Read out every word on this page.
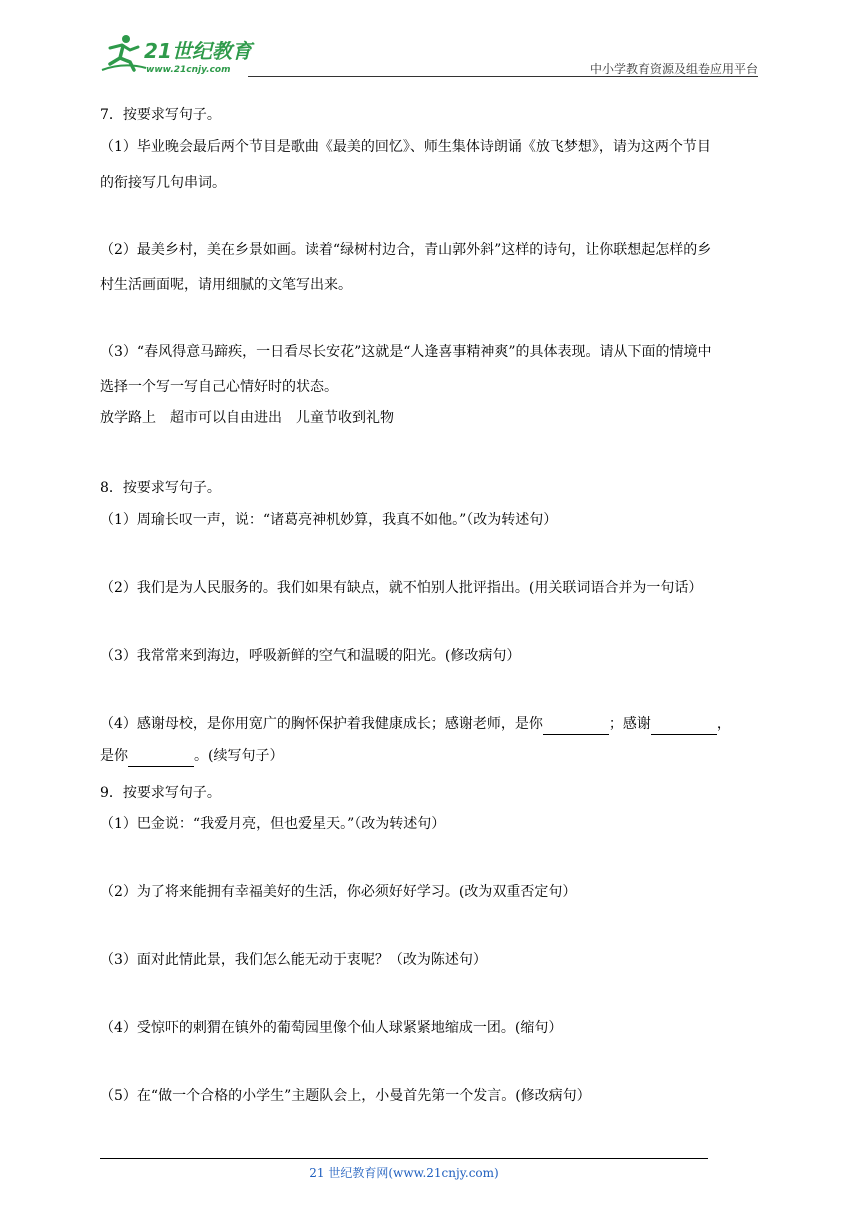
21世纪教育
www.21cnjy.com	中小学教育资源及组卷应用平台
7．按要求写句子。
（1）毕业晚会最后两个节目是歌曲《最美的回忆》、师生集体诗朗诵《放飞梦想》，请为这两个节目
的衔接写几句串词。
（2）最美乡村，美在乡景如画。读着“绿树村边合，青山郭外斜”这样的诗句，让你联想起怎样的乡
村生活画面呢，请用细腻的文笔写出来。
（3）“春风得意马蹄疾，一日看尽长安花”这就是“人逢喜事精神爽”的具体表现。请从下面的情境中
选择一个写一写自己心情好时的状态。
放学路上　超市可以自由进出　儿童节收到礼物
8．按要求写句子。
（1）周瑜长叹一声，说：“诸葛亮神机妙算，我真不如他。”（改为转述句）
（2）我们是为人民服务的。我们如果有缺点，就不怕别人批评指出。(用关联词语合并为一句话）
（3）我常常来到海边，呼吸新鲜的空气和温暖的阳光。(修改病句）
（4）感谢母校，是你用宽广的胸怀保护着我健康成长；感谢老师，是你	；感谢	，
是你	。(续写句子）
9．按要求写句子。
（1）巴金说：“我爱月亮，但也爱星天。”（改为转述句）
（2）为了将来能拥有幸福美好的生活，你必须好好学习。(改为双重否定句）
（3）面对此情此景，我们怎么能无动于衷呢？（改为陈述句）
（4）受惊吓的刺猬在镇外的葡萄园里像个仙人球紧紧地缩成一团。(缩句）
（5）在“做一个合格的小学生”主题队会上，小曼首先第一个发言。(修改病句）
21 世纪教育网(www.21cnjy.com)
